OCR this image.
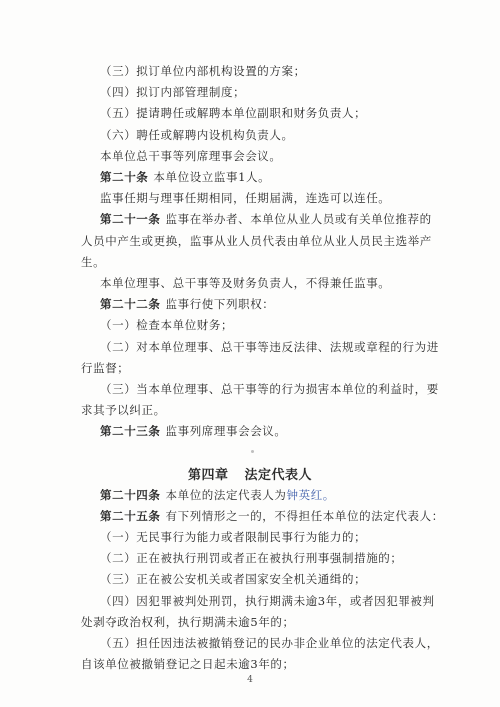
（三）拟订单位内部机构设置的方案；
（四）拟订内部管理制度；
（五）提请聘任或解聘本单位副职和财务负责人；
（六）聘任或解聘内设机构负责人。
本单位总干事等列席理事会会议。
第二十条 本单位设立监事1人。
监事任期与理事任期相同，任期届满，连选可以连任。
第二十一条 监事在举办者、本单位从业人员或有关单位推荐的
人员中产生或更换，监事从业人员代表由单位从业人员民主选举产
生。
本单位理事、总干事等及财务负责人，不得兼任监事。
第二十二条 监事行使下列职权：
（一）检查本单位财务；
（二）对本单位理事、总干事等违反法律、法规或章程的行为进
行监督；
（三）当本单位理事、总干事等的行为损害本单位的利益时，要
求其予以纠正。
第二十三条 监事列席理事会会议。
第四章 法定代表人
第二十四条 本单位的法定代表人为钟英红。
第二十五条 有下列情形之一的，不得担任本单位的法定代表人：
（一）无民事行为能力或者限制民事行为能力的；
（二）正在被执行刑罚或者正在被执行刑事强制措施的；
（三）正在被公安机关或者国家安全机关通缉的；
（四）因犯罪被判处刑罚，执行期满未逾3年，或者因犯罪被判
处剥夺政治权利，执行期满未逾5年的；
（五）担任因违法被撤销登记的民办非企业单位的法定代表人，
自该单位被撤销登记之日起未逾3年的；
4
